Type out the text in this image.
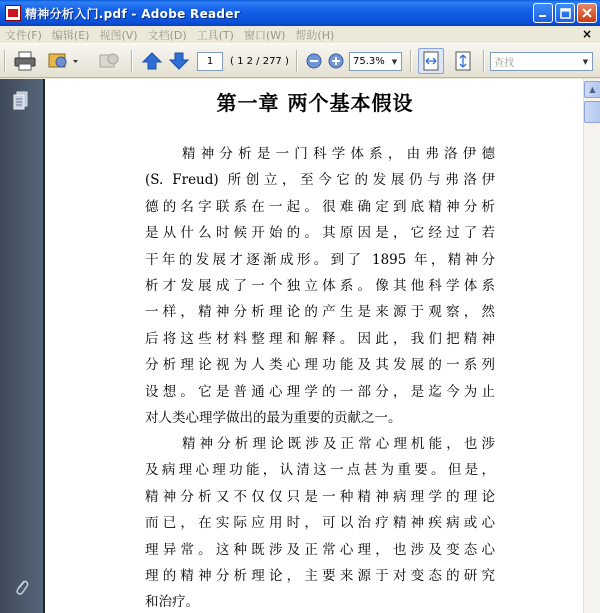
精神分析入门.pdf - Adobe Reader
文件(F) 编辑(E) 视图(V) 文档(D) 工具(T) 窗口(W) 帮助(H)	×
1	( 1 2 / 277 )	75.3%	▼	查找	▼
第一章 两个基本假设
精神分析是一门科学体系，由弗洛伊德
(S. Freud) 所创立，至今它的发展仍与弗洛伊
德的名字联系在一起。很难确定到底精神分析
是从什么时候开始的。其原因是，它经过了若
干年的发展才逐渐成形。到了 1895 年，精神分
析才发展成了一个独立体系。像其他科学体系
一样，精神分析理论的产生是来源于观察，然
后将这些材料整理和解释。因此，我们把精神
分析理论视为人类心理功能及其发展的一系列
设想。它是普通心理学的一部分，是迄今为止
对人类心理学做出的最为重要的贡献之一。
精神分析理论既涉及正常心理机能，也涉
及病理心理功能，认清这一点甚为重要。但是，
精神分析又不仅仅只是一种精神病理学的理论
而已，在实际应用时，可以治疗精神疾病或心
理异常。这种既涉及正常心理，也涉及变态心
理的精神分析理论，主要来源于对变态的研究
和治疗。
▲
